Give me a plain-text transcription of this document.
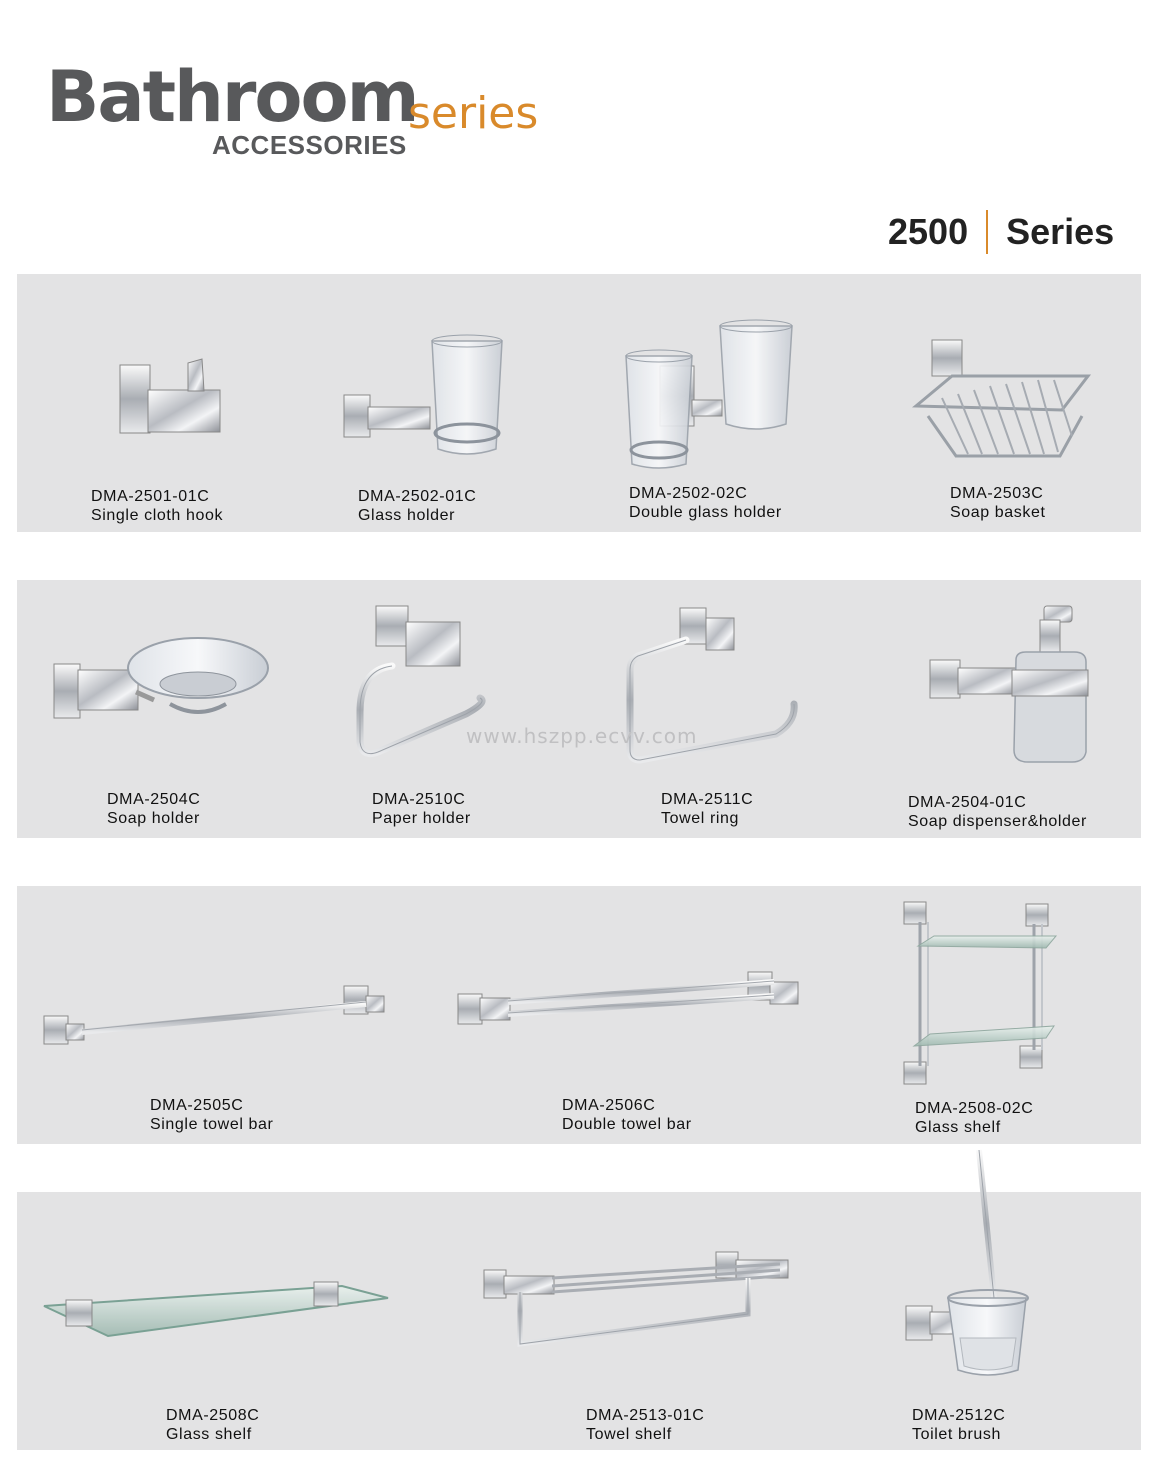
Bathroom
series
ACCESSORIES
2500 Series
DMA-2501-01C
Single cloth hook
DMA-2502-01C
Glass holder
DMA-2502-02C
Double glass holder
DMA-2503C
Soap basket
DMA-2504C
Soap holder
DMA-2510C
Paper holder
DMA-2511C
Towel ring
DMA-2504-01C
Soap dispenser&holder
www.hszpp.ecvv.com
DMA-2505C
Single towel bar
DMA-2506C
Double towel bar
DMA-2508-02C
Glass shelf
DMA-2508C
Glass shelf
DMA-2513-01C
Towel shelf
DMA-2512C
Toilet brush
